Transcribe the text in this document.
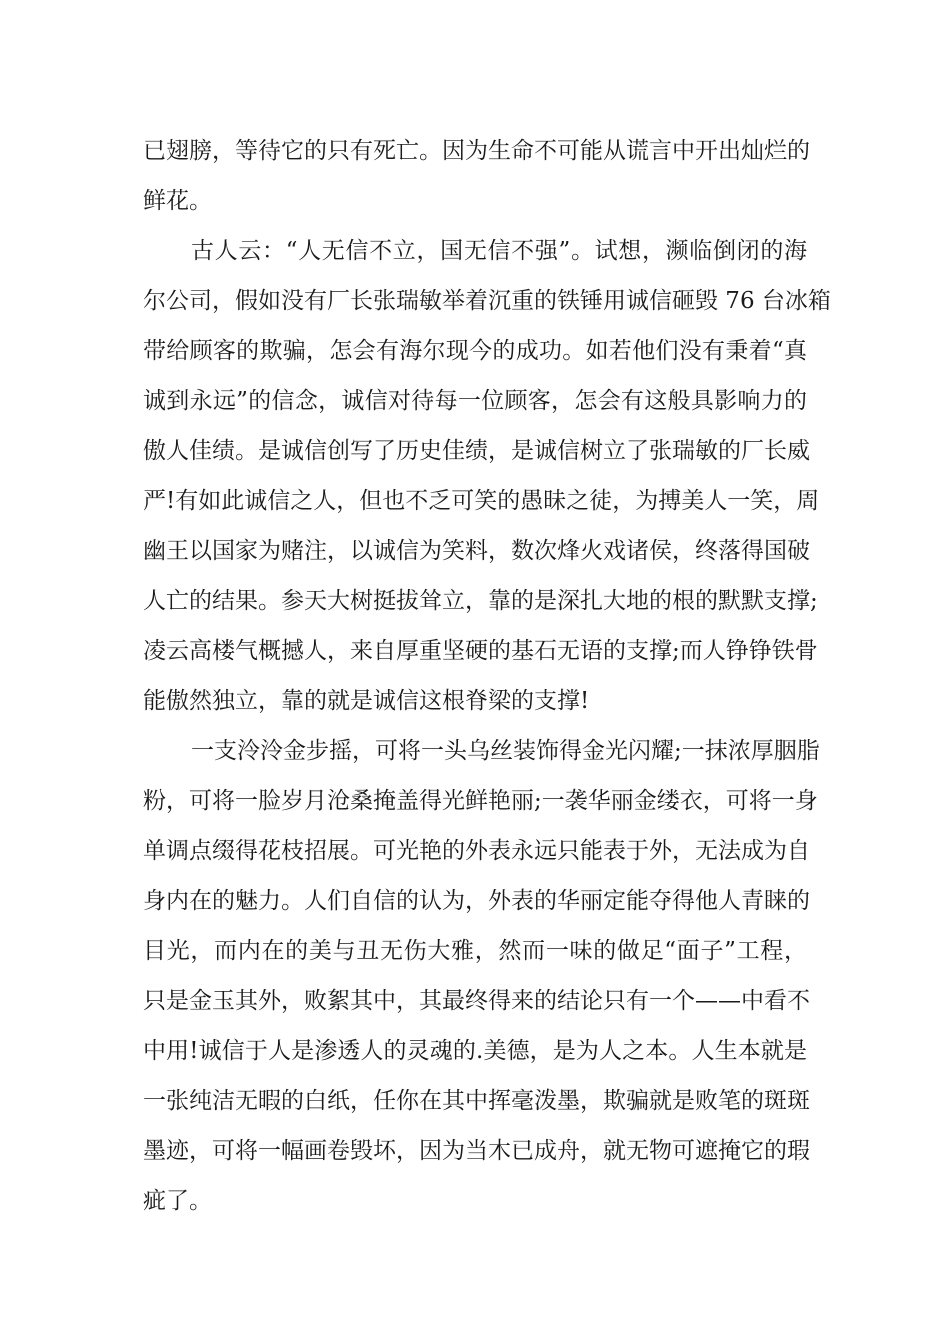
已翅膀，等待它的只有死亡。因为生命不可能从谎言中开出灿烂的
鲜花。
古人云：“人无信不立，国无信不强”。试想，濒临倒闭的海
尔公司，假如没有厂长张瑞敏举着沉重的铁锤用诚信砸毁 76 台冰箱
带给顾客的欺骗，怎会有海尔现今的成功。如若他们没有秉着“真
诚到永远”的信念，诚信对待每一位顾客，怎会有这般具影响力的
傲人佳绩。是诚信创写了历史佳绩，是诚信树立了张瑞敏的厂长威
严!有如此诚信之人，但也不乏可笑的愚昧之徒，为搏美人一笑，周
幽王以国家为赌注，以诚信为笑料，数次烽火戏诸侯，终落得国破
人亡的结果。参天大树挺拔耸立，靠的是深扎大地的根的默默支撑;
凌云高楼气概撼人，来自厚重坚硬的基石无语的支撑;而人铮铮铁骨
能傲然独立，靠的就是诚信这根脊梁的支撑!
一支泠泠金步摇，可将一头乌丝装饰得金光闪耀;一抹浓厚胭脂
粉，可将一脸岁月沧桑掩盖得光鲜艳丽;一袭华丽金缕衣，可将一身
单调点缀得花枝招展。可光艳的外表永远只能表于外，无法成为自
身内在的魅力。人们自信的认为，外表的华丽定能夺得他人青睐的
目光，而内在的美与丑无伤大雅，然而一味的做足“面子”工程，
只是金玉其外，败絮其中，其最终得来的结论只有一个——中看不
中用!诚信于人是渗透人的灵魂的.美德，是为人之本。人生本就是
一张纯洁无暇的白纸，任你在其中挥毫泼墨，欺骗就是败笔的斑斑
墨迹，可将一幅画卷毁坏，因为当木已成舟，就无物可遮掩它的瑕
疵了。
